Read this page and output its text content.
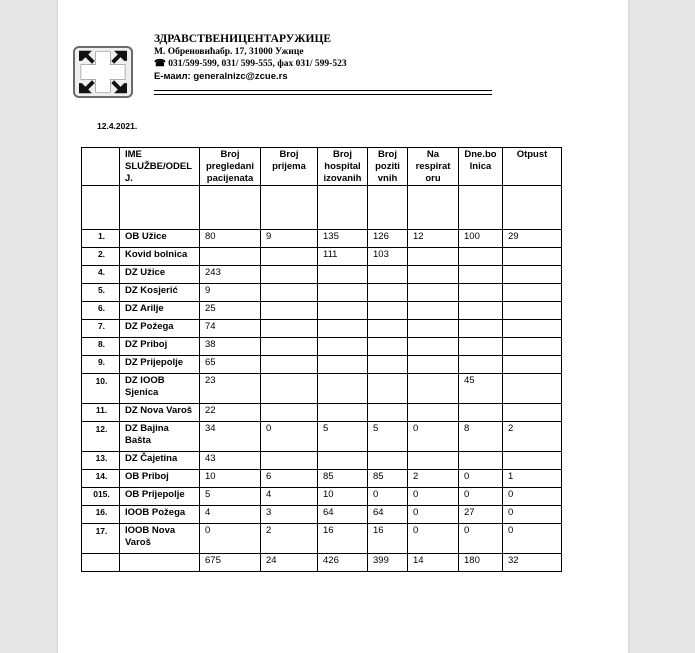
ЗДРАВСТВЕНИЦЕНТАРУЖИЦЕ
М. Обреновићабр. 17, 31000 Ужице
☎ 031/599-599, 031/ 599-555, фах 031/ 599-523
Е-маил: generalnizc@zcue.rs
12.4.2021.
	IME SLUŽBE/ODEL J.	Broj pregledani pacijenata	Broj prijema	Broj hospital izovanih	Broj poziti vnih	Na respirat oru	Dne.bo lnica	Otpust

1.	OB Užice	80	9	135	126	12	100	29
2.	Kovid bolnica			111	103			
4.	DZ Užice	243						
5.	DZ Kosjerić	9						
6.	DZ Arilje	25						
7.	DZ Požega	74						
8.	DZ Priboj	38						
9.	DZ Prijepolje	65						
10.	DZ IOOB Sjenica	23					45	
11.	DZ Nova Varoš	22						
12.	DZ Bajina Bašta	34	0	5	5	0	8	2
13.	DZ Čajetina	43						
14.	OB Priboj	10	6	85	85	2	0	1
015.	OB Prijepolje	5	4	10	0	0	0	0
16.	IOOB Požega	4	3	64	64	0	27	0
17.	IOOB Nova Varoš	0	2	16	16	0	0	0
		675	24	426	399	14	180	32
